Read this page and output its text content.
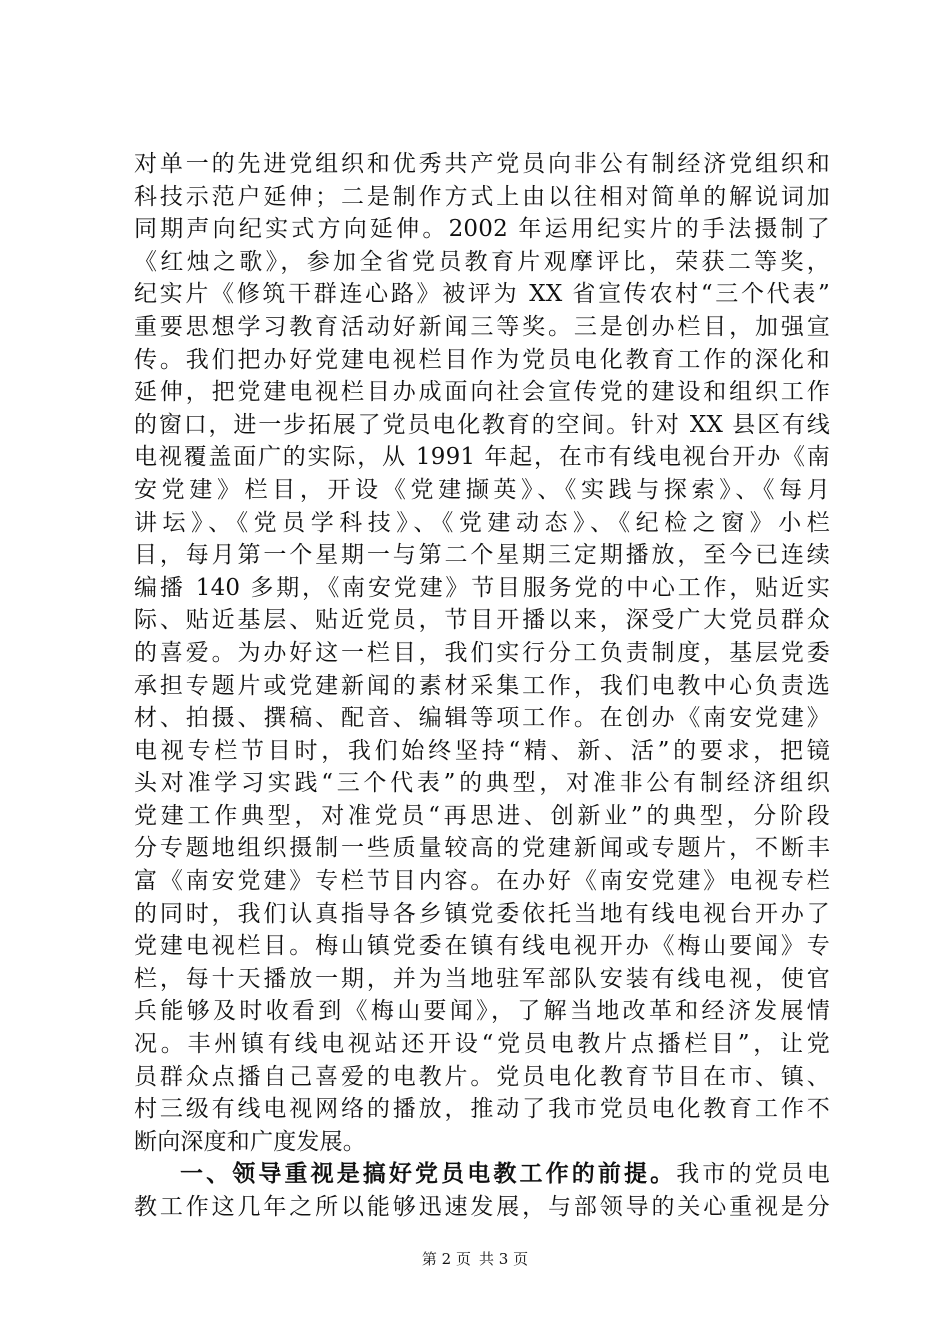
对单一的先进党组织和优秀共产党员向非公有制经济党组织和
科技示范户延伸；二是制作方式上由以往相对简单的解说词加
同期声向纪实式方向延伸。2002 年运用纪实片的手法摄制了
《红烛之歌》，参加全省党员教育片观摩评比，荣获二等奖，
纪实片《修筑干群连心路》被评为 XX 省宣传农村“三个代表”
重要思想学习教育活动好新闻三等奖。三是创办栏目，加强宣
传。我们把办好党建电视栏目作为党员电化教育工作的深化和
延伸，把党建电视栏目办成面向社会宣传党的建设和组织工作
的窗口，进一步拓展了党员电化教育的空间。针对 XX 县区有线
电视覆盖面广的实际，从 1991 年起，在市有线电视台开办《南
安党建》栏目，开设《党建撷英》、《实践与探索》、《每月
讲坛》、《党员学科技》、《党建动态》、《纪检之窗》小栏
目，每月第一个星期一与第二个星期三定期播放，至今已连续
编播 140 多期，《南安党建》节目服务党的中心工作，贴近实
际、贴近基层、贴近党员，节目开播以来，深受广大党员群众
的喜爱。为办好这一栏目，我们实行分工负责制度，基层党委
承担专题片或党建新闻的素材采集工作，我们电教中心负责选
材、拍摄、撰稿、配音、编辑等项工作。在创办《南安党建》
电视专栏节目时，我们始终坚持“精、新、活”的要求，把镜
头对准学习实践“三个代表”的典型，对准非公有制经济组织
党建工作典型，对准党员“再思进、创新业”的典型，分阶段
分专题地组织摄制一些质量较高的党建新闻或专题片，不断丰
富《南安党建》专栏节目内容。在办好《南安党建》电视专栏
的同时，我们认真指导各乡镇党委依托当地有线电视台开办了
党建电视栏目。梅山镇党委在镇有线电视开办《梅山要闻》专
栏，每十天播放一期，并为当地驻军部队安装有线电视，使官
兵能够及时收看到《梅山要闻》，了解当地改革和经济发展情
况。丰州镇有线电视站还开设“党员电教片点播栏目”，让党
员群众点播自己喜爱的电教片。党员电化教育节目在市、镇、
村三级有线电视网络的播放，推动了我市党员电化教育工作不
断向深度和广度发展。
一、领导重视是搞好党员电教工作的前提。我市的党员电
教工作这几年之所以能够迅速发展，与部领导的关心重视是分
第 2 页 共 3 页
